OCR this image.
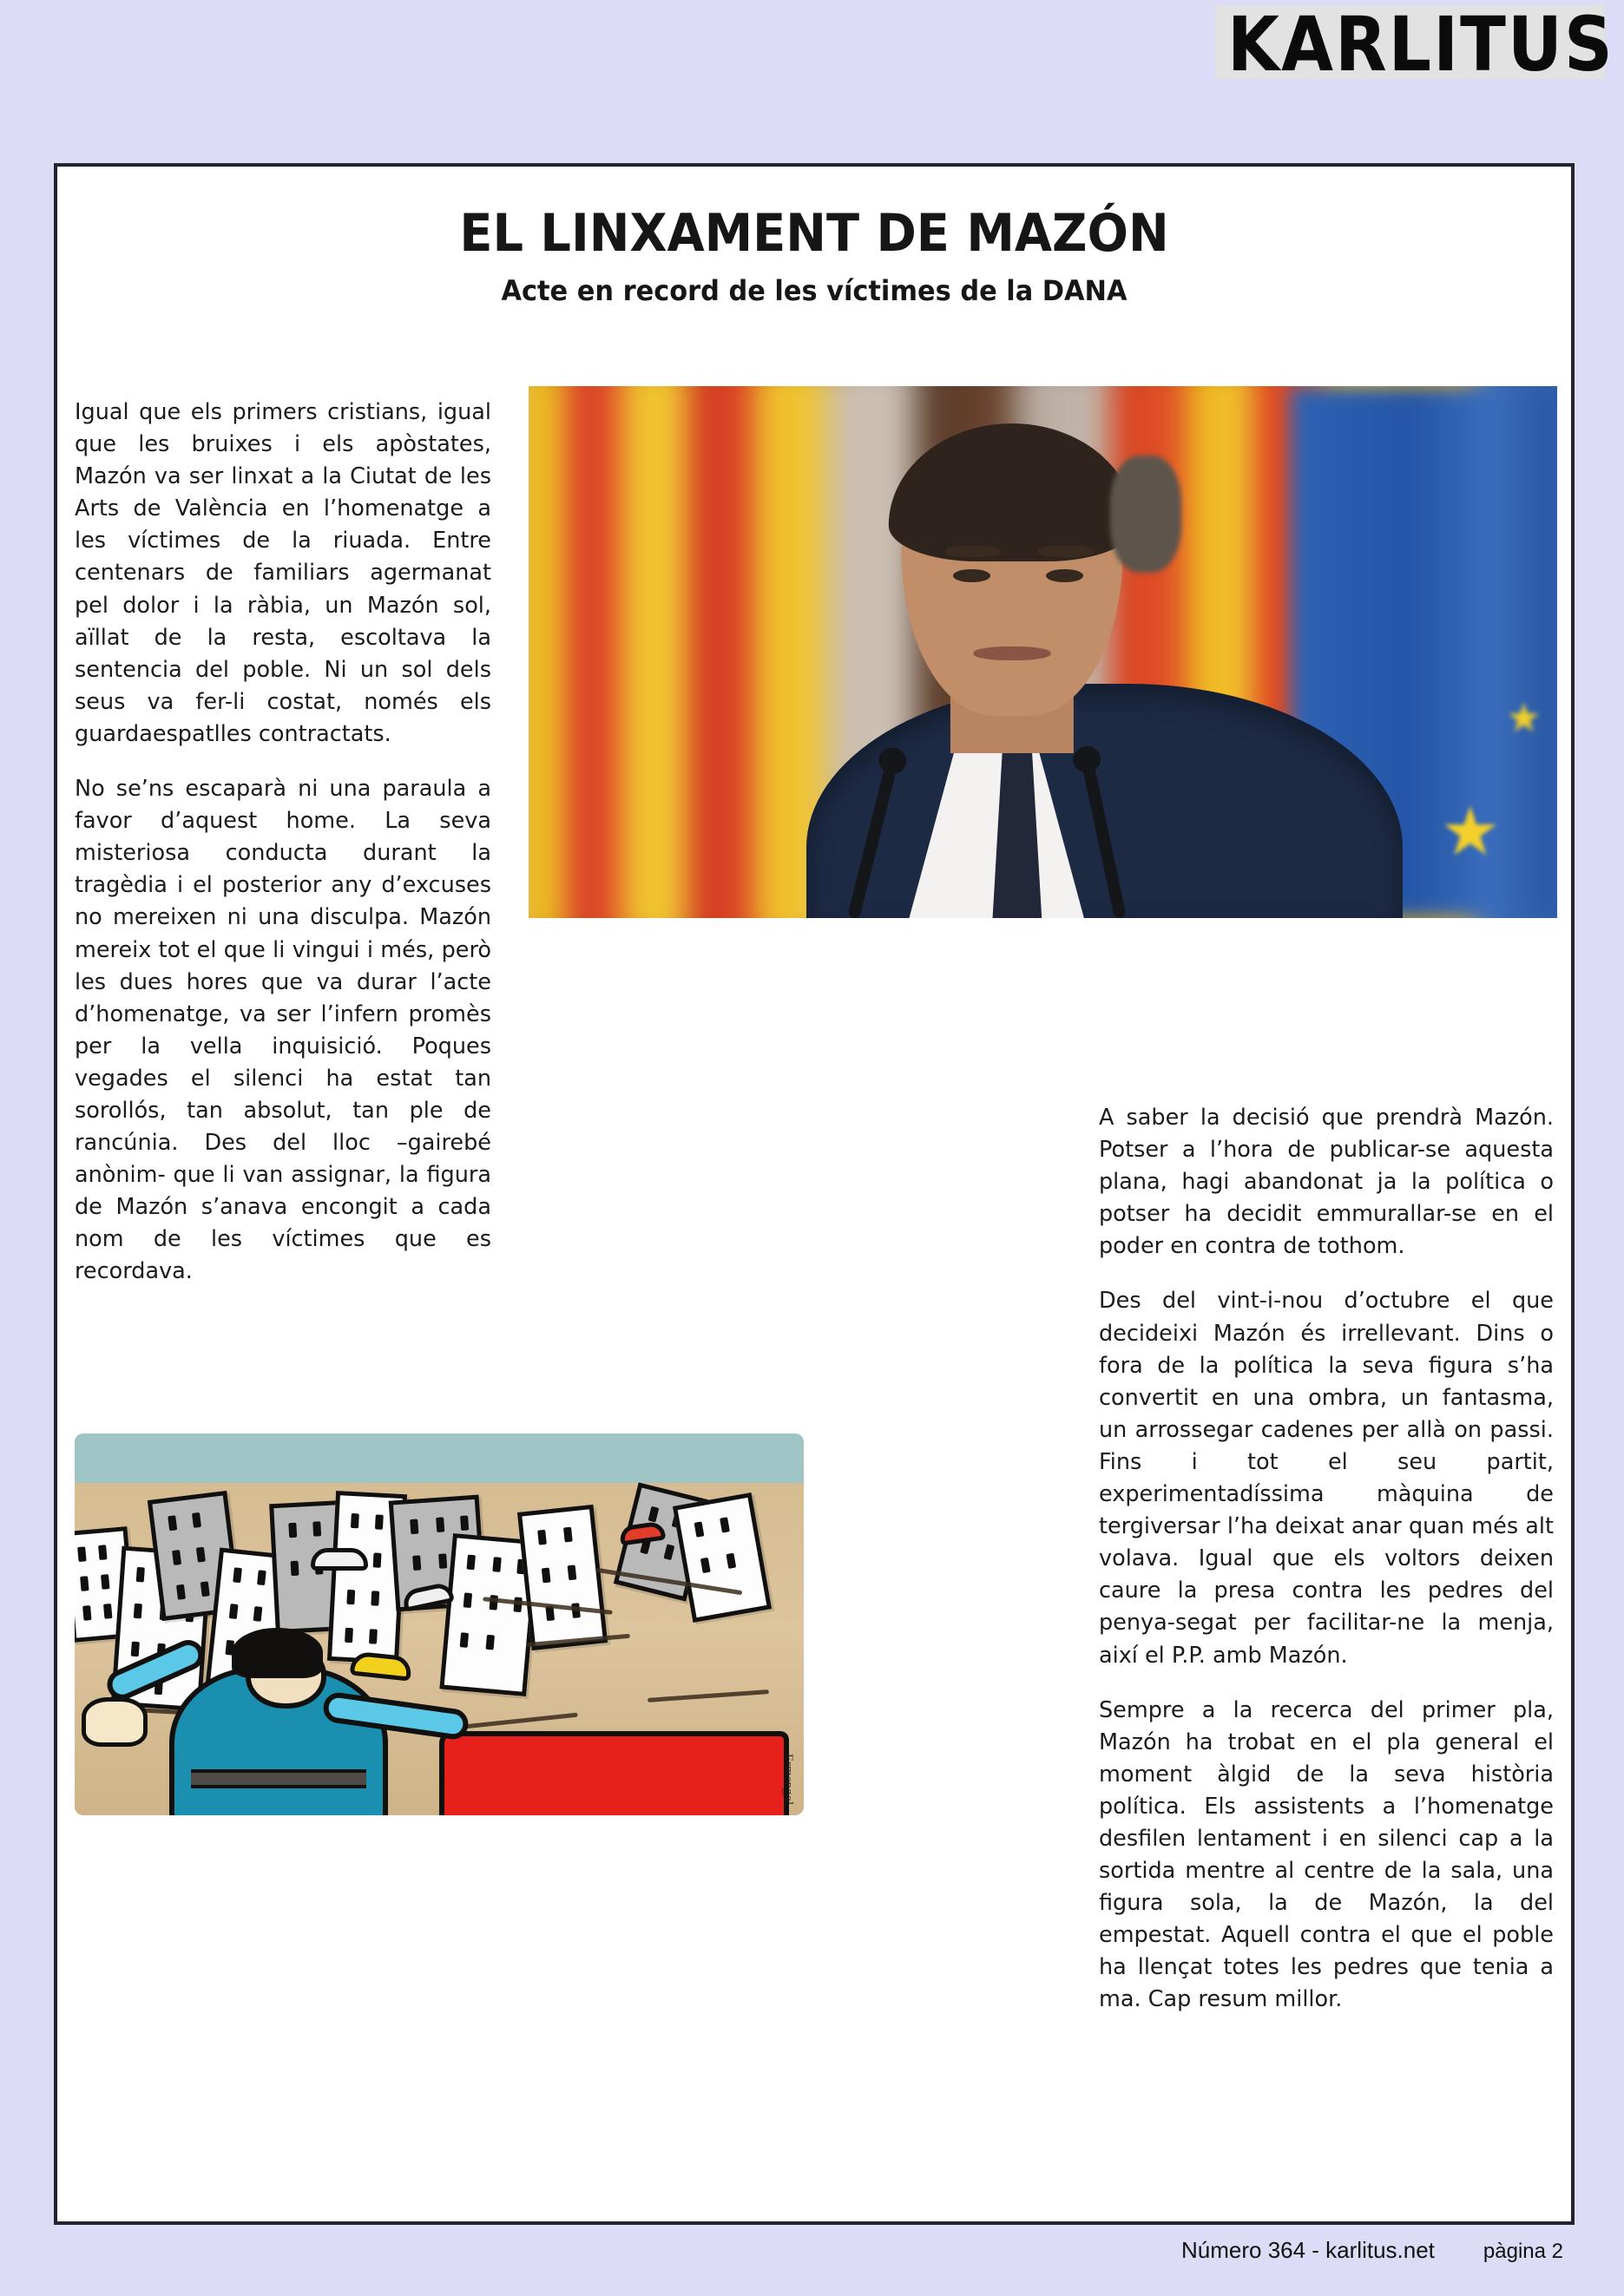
KARLITUS
EL LINXAMENT DE MAZÓN
Acte en record de les víctimes de la DANA

Igual que els primers cristians, igual que les bruixes i els apòstates, Mazón va ser linxat a la Ciutat de les Arts de València en l’homenatge a les víctimes de la riuada. Entre centenars de familiars agermanat pel dolor i la ràbia, un Mazón sol, aïllat de la resta, escoltava la sentencia del poble. Ni un sol dels seus va fer-li costat, només els guardaespatlles contractats.

No se’ns escaparà ni una paraula a favor d’aquest home. La seva misteriosa conducta durant la tragèdia i el posterior any d’excuses no mereixen ni una disculpa. Mazón mereix tot el que li vingui i més, però les dues hores que va durar l’acte d’homenatge, va ser l’infern promès per la vella inquisició. Poques vegades el silenci ha estat tan sorollós, tan absolut, tan ple de rancúnia. Des del lloc –gairebé anònim- que li van assignar, la figura de Mazón s’anava encongit a cada nom de les víctimes que es recordava.

A saber la decisió que prendrà Mazón. Potser a l’hora de publicar-se aquesta plana, hagi abandonat ja la política o potser ha decidit emmurallar-se en el poder en contra de tothom.

Des del vint-i-nou d’octubre el que decideixi Mazón és irrellevant. Dins o fora de la política la seva figura s’ha convertit en una ombra, un fantasma, un arrossegar cadenes per allà on passi. Fins i tot el seu partit, experimentadíssima màquina de tergiversar l’ha deixat anar quan més alt volava. Igual que els voltors deixen caure la presa contra les pedres del penya-segat per facilitar-ne la menja, així el P.P. amb Mazón.

Sempre a la recerca del primer pla, Mazón ha trobat en el pla general el moment àlgid de la seva història política. Els assistents a l’homenatge desfilen lentament i en silenci cap a la sortida mentre al centre de la sala, una figura sola, la de Mazón, la del empestat. Aquell contra el que el poble ha llençat totes les pedres que tenia a ma. Cap resum millor.

★
★
Ermengol
Número 364 - karlitus.net pàgina 2
